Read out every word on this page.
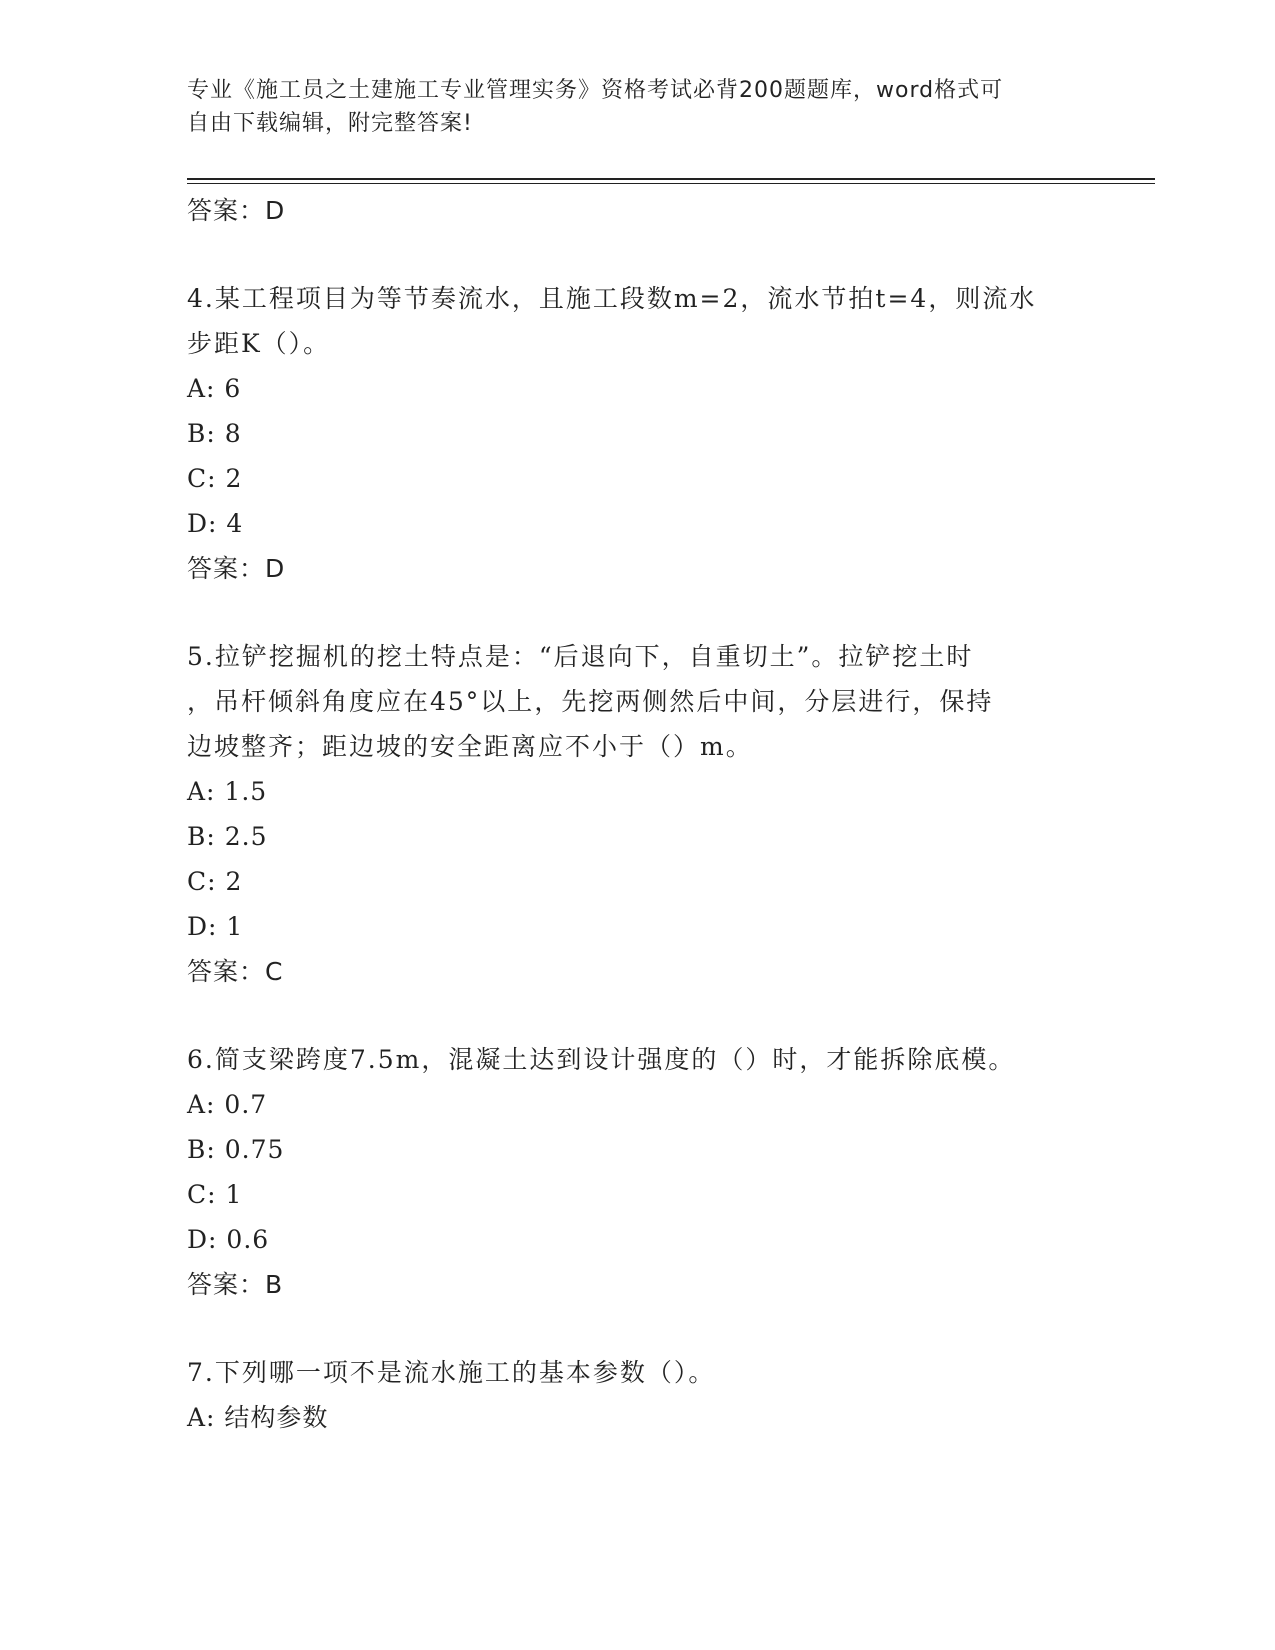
专业《施工员之土建施工专业管理实务》资格考试必背200题题库，word格式可
自由下载编辑，附完整答案!

答案：D

4.某工程项目为等节奏流水，且施工段数m=2，流水节拍t=4，则流水

步距K（）。

A: 6

B: 8

C: 2

D: 4

答案：D

5.拉铲挖掘机的挖土特点是：“后退向下，自重切土”。拉铲挖土时

，吊杆倾斜角度应在45°以上，先挖两侧然后中间，分层进行，保持

边坡整齐；距边坡的安全距离应不小于（）m。

A: 1.5

B: 2.5

C: 2

D: 1

答案：C

6.简支梁跨度7.5m，混凝土达到设计强度的（）时，才能拆除底模。

A: 0.7

B: 0.75

C: 1

D: 0.6

答案：B

7.下列哪一项不是流水施工的基本参数（）。

A: 结构参数
